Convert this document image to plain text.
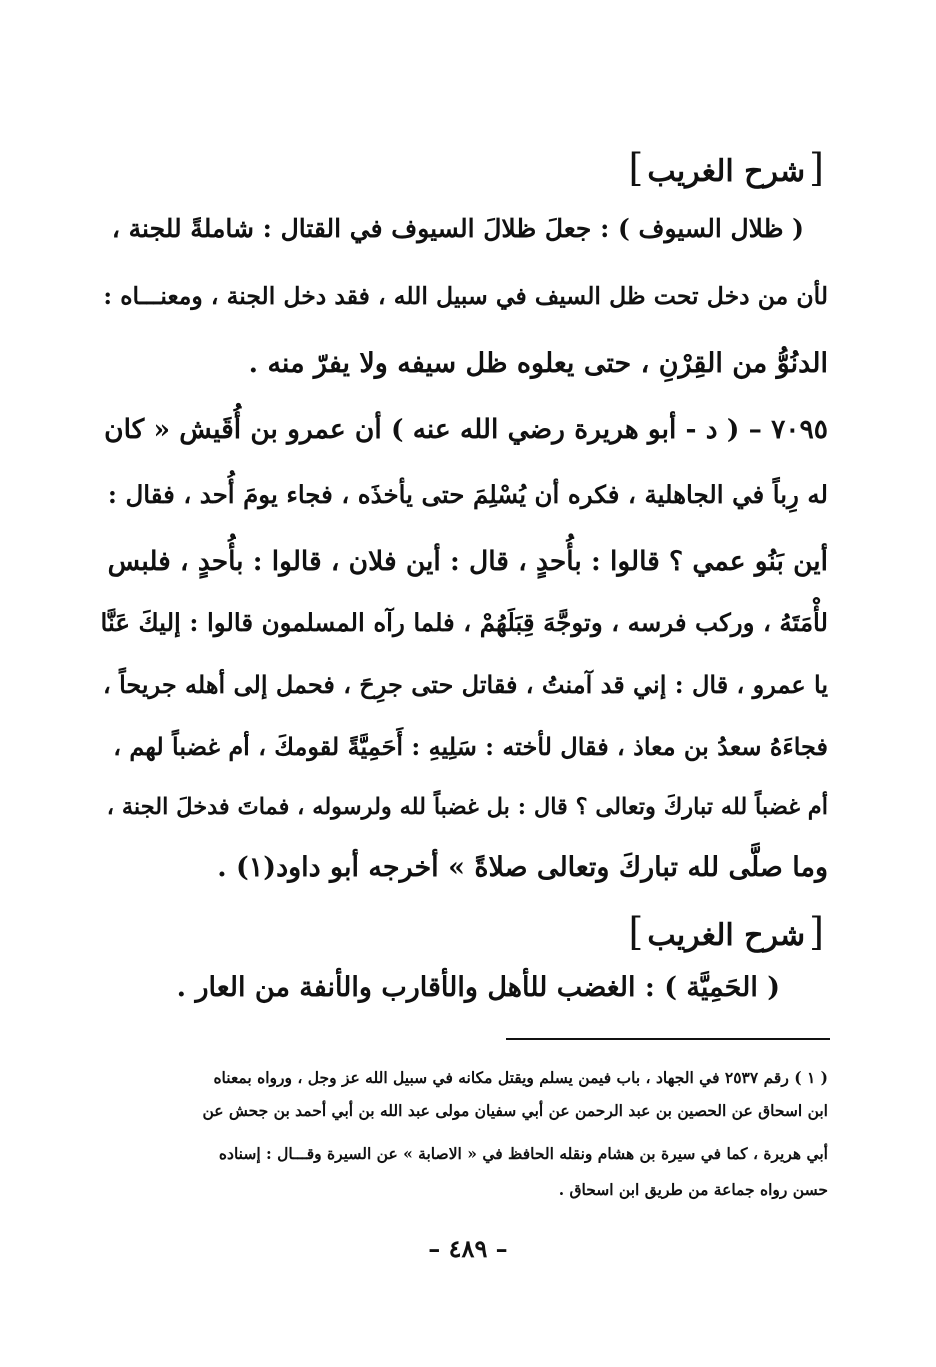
[شرح الغريب]
( ظلال السيوف ) : جعلَ ظلالَ السيوف في القتال : شاملةً للجنة ،
لأن من دخل تحت ظل السيف في سبيل الله ، فقد دخل الجنة ، ومعنـــاه :
الدنُوُّ من القِرْنِ ، حتى يعلوه ظل سيفه ولا يفرّ منه .
٧٠٩٥ – ( د - أبو هريرة رضي الله عنه ) أن عمرو بن أُقَيش « كان
له رِباً في الجاهلية ، فكره أن يُسْلِمَ حتى يأخذَه ، فجاء يومَ أُحد ، فقال :
أين بَنُو عمي ؟ قالوا : بأُحدٍ ، قال : أين فلان ، قالوا : بأُحدٍ ، فلبس
لأْمَتَهُ ، وركب فرسه ، وتوجَّهَ قِبَلَهُمْ ، فلما رآه المسلمون قالوا : إليكَ عَنَّا
يا عمرو ، قال : إني قد آمنتُ ، فقاتل حتى جرِحَ ، فحمل إلى أهله جريحاً ،
فجاءَهُ سعدُ بن معاذ ، فقال لأخته : سَلِيهِ : أَحَمِيَّةً لقومكَ ، أم غضباً لهم ،
أم غضباً لله تباركَ وتعالى ؟ قال : بل غضباً لله ولرسوله ، فماتَ فدخلَ الجنة ،
وما صلَّى لله تباركَ وتعالى صلاةً » أخرجه أبو داود(١) .
[شرح الغريب]
( الحَمِيَّة ) : الغضب للأهل والأقارب والأنفة من العار .
( ١ ) رقم ٢٥٣٧ في الجهاد ، باب فيمن يسلم ويقتل مكانه في سبيل الله عز وجل ، ورواه بمعناه
ابن اسحاق عن الحصين بن عبد الرحمن عن أبي سفيان مولى عبد الله بن أبي أحمد بن جحش عن
أبي هريرة ، كما في سيرة بن هشام ونقله الحافظ في « الاصابة » عن السيرة وقـــال : إسناده
حسن رواه جماعة من طريق ابن اسحاق .
– ٤٨٩ –
